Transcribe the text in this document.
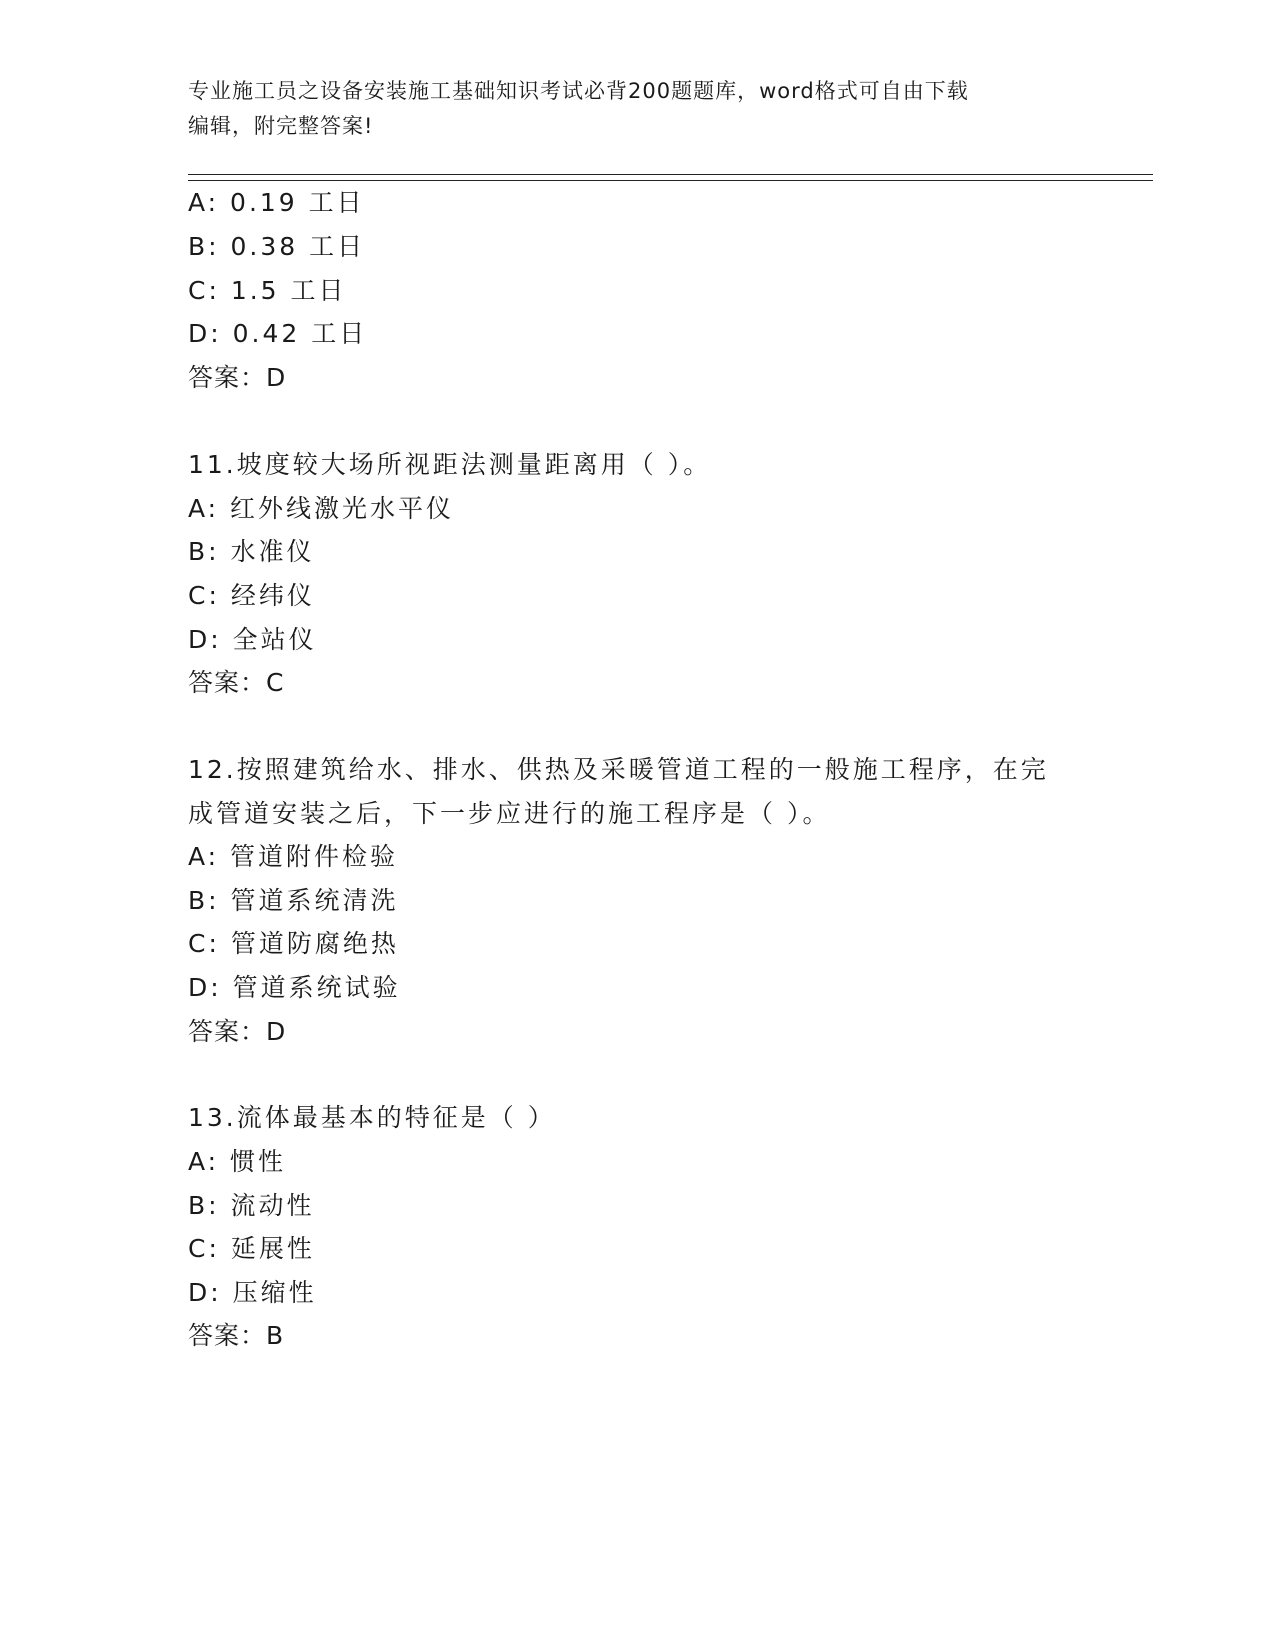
专业施工员之设备安装施工基础知识考试必背200题题库，word格式可自由下载
编辑，附完整答案!
A: 0.19 工日
B: 0.38 工日
C: 1.5 工日
D: 0.42 工日
答案：D
11.坡度较大场所视距法测量距离用（ ）。
A: 红外线激光水平仪
B: 水准仪
C: 经纬仪
D: 全站仪
答案：C
12.按照建筑给水、排水、供热及采暖管道工程的一般施工程序，在完
成管道安装之后，下一步应进行的施工程序是（ ）。
A: 管道附件检验
B: 管道系统清洗
C: 管道防腐绝热
D: 管道系统试验
答案：D
13.流体最基本的特征是（ ）
A: 惯性
B: 流动性
C: 延展性
D: 压缩性
答案：B
